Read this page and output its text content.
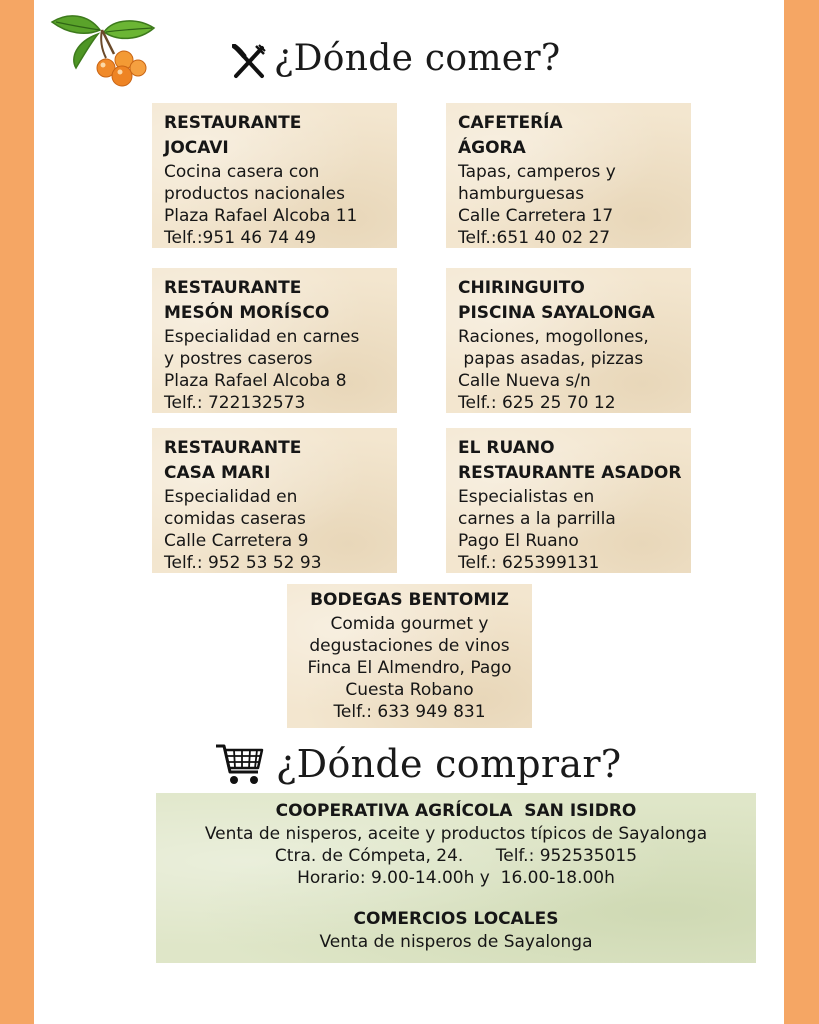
¿Dónde comer?
RESTAURANTE
JOCAVI
Cocina casera con
productos nacionales
Plaza Rafael Alcoba 11
Telf.:951 46 74 49
CAFETERÍA
ÁGORA
Tapas, camperos y
hamburguesas
Calle Carretera 17
Telf.:651 40 02 27
RESTAURANTE
MESÓN MORÍSCO
Especialidad en carnes
y postres caseros
Plaza Rafael Alcoba 8
Telf.: 722132573
CHIRINGUITO
PISCINA SAYALONGA
Raciones, mogollones,
papas asadas, pizzas
Calle Nueva s/n
Telf.: 625 25 70 12
RESTAURANTE
CASA MARI
Especialidad en
comidas caseras
Calle Carretera 9
Telf.: 952 53 52 93
EL RUANO
RESTAURANTE ASADOR
Especialistas en
carnes a la parrilla
Pago El Ruano
Telf.: 625399131
BODEGAS BENTOMIZ
Comida gourmet y
degustaciones de vinos
Finca El Almendro, Pago
Cuesta Robano
Telf.: 633 949 831
¿Dónde comprar?
COOPERATIVA AGRÍCOLA  SAN ISIDRO
Venta de nisperos, aceite y productos típicos de Sayalonga
Ctra. de Cómpeta, 24.      Telf.: 952535015
Horario: 9.00-14.00h y  16.00-18.00h
COMERCIOS LOCALES
Venta de nisperos de Sayalonga
